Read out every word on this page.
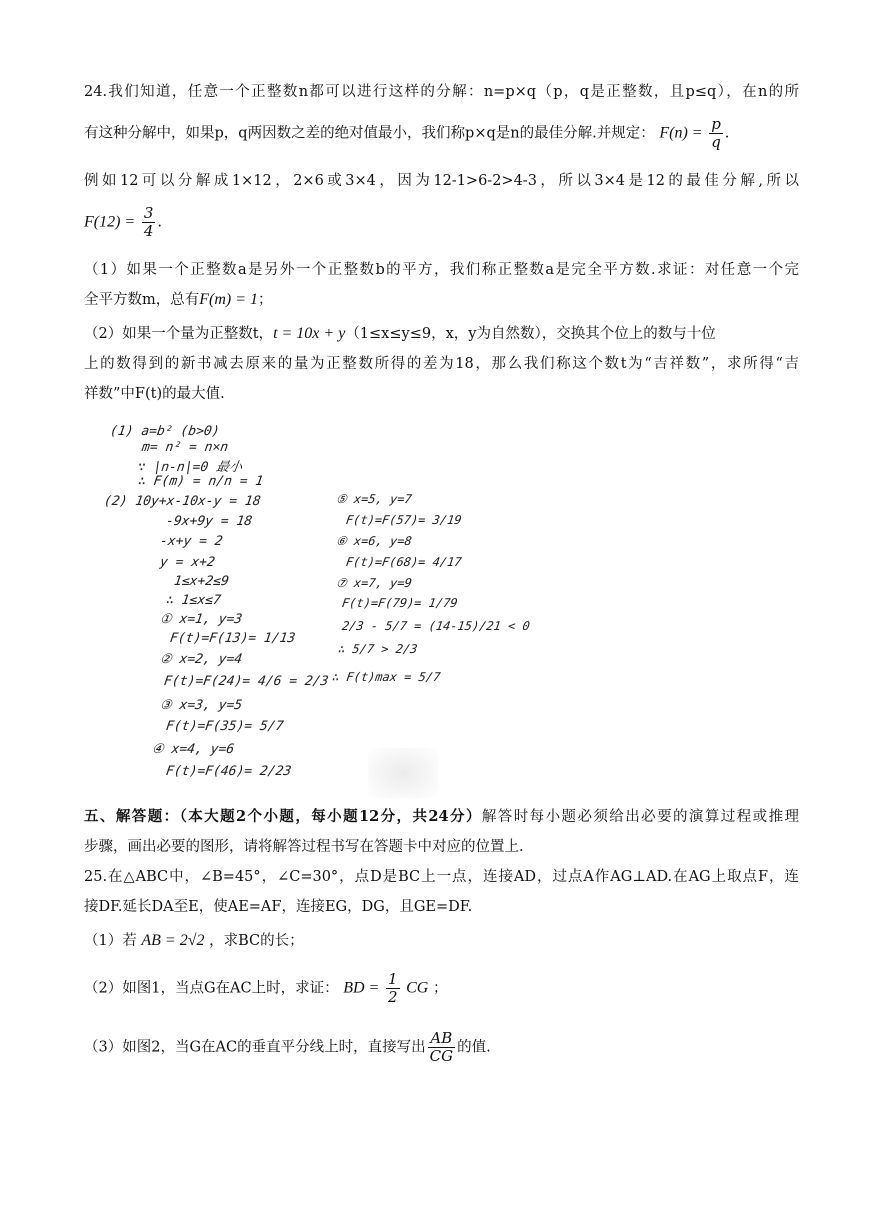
24.我们知道，任意一个正整数n都可以进行这样的分解：n=p×q（p，q是正整数，且p≤q），在n的所
有这种分解中，如果p，q两因数之差的绝对值最小，我们称p×q是n的最佳分解.并规定： $F(n) = \frac{p}{q}$ .
例如12可以分解成1×12，2×6或3×4，因为12-1>6-2>4-3，所以3×4是12的最佳分解,所以
$F(12) = \frac{3}{4}$ .
（1）如果一个正整数a是另外一个正整数b的平方，我们称正整数a是完全平方数.求证：对任意一个完
全平方数m，总有F(m) = 1；
（2）如果一个量为正整数t，t = 10x + y（1≤x≤y≤9，x，y为自然数），交换其个位上的数与十位
上的数得到的新书减去原来的量为正整数所得的差为18，那么我们称这个数t为“吉祥数”，求所得“吉
祥数”中F(t)的最大值.
(1) a=b² (b>0)
m= n² = n×n
∵ |n-n|=0 最小
∴ F(m) = n/n = 1
(2) 10y+x-10x-y = 18
-9x+9y = 18
-x+y = 2
y = x+2
1≤x+2≤9
∴ 1≤x≤7
① x=1, y=3
F(t)=F(13)= 1/13
② x=2, y=4
F(t)=F(24)= 4/6 = 2/3
③ x=3, y=5
F(t)=F(35)= 5/7
④ x=4, y=6
F(t)=F(46)= 2/23
⑤ x=5, y=7
F(t)=F(57)= 3/19
⑥ x=6, y=8
F(t)=F(68)= 4/17
⑦ x=7, y=9
F(t)=F(79)= 1/79
2/3 - 5/7 = (14-15)/21 < 0
∴ 5/7 > 2/3
∴ F(t)max = 5/7
五、解答题：（本大题2个小题，每小题12分，共24分）解答时每小题必须给出必要的演算过程或推理
步骤，画出必要的图形，请将解答过程书写在答题卡中对应的位置上.
25.在△ABC中，∠B=45°，∠C=30°，点D是BC上一点，连接AD，过点A作AG⊥AD.在AG上取点F，连
接DF.延长DA至E，使AE=AF，连接EG，DG，且GE=DF.
（1）若 AB = 2√2 ，求BC的长；
（2）如图1，当点G在AC上时，求证： BD = $\frac{1}{2}$ CG ；
（3）如图2，当G在AC的垂直平分线上时，直接写出 $\frac{AB}{CG}$ 的值.
